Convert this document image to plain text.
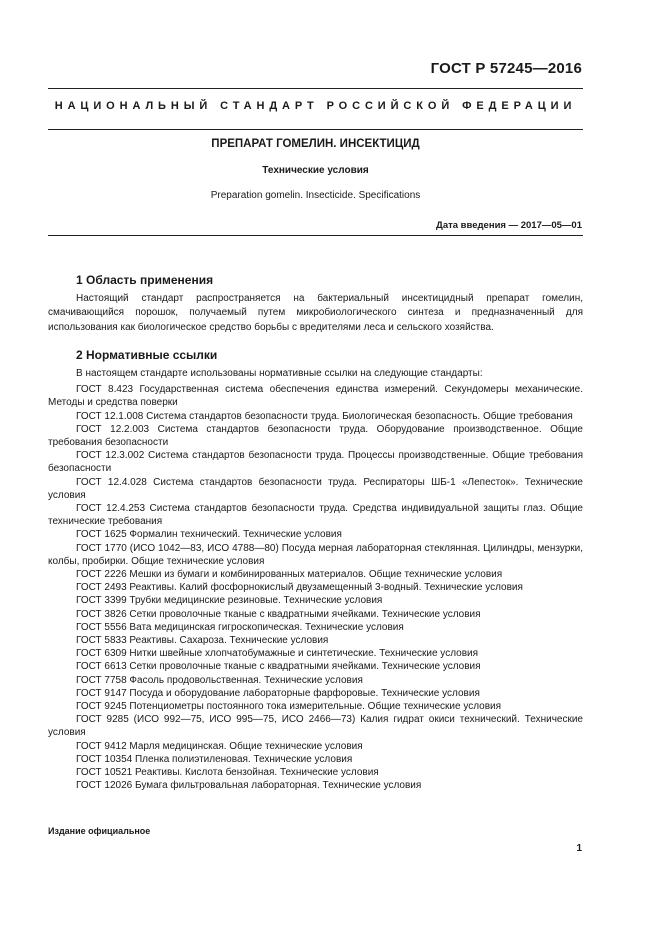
ГОСТ Р 57245—2016
НАЦИОНАЛЬНЫЙ СТАНДАРТ РОССИЙСКОЙ ФЕДЕРАЦИИ
ПРЕПАРАТ ГОМЕЛИН. ИНСЕКТИЦИД
Технические условия
Preparation gomelin. Insecticide. Specifications
Дата введения — 2017—05—01
1 Область применения

Настоящий стандарт распространяется на бактериальный инсектицидный препарат гомелин, смачивающийся порошок, получаемый путем микробиологического синтеза и предназначенный для использования как биологическое средство борьбы с вредителями леса и сельского хозяйства.

2 Нормативные ссылки

В настоящем стандарте использованы нормативные ссылки на следующие стандарты:

ГОСТ 8.423 Государственная система обеспечения единства измерений. Секундомеры механические. Методы и средства поверки
ГОСТ 12.1.008 Система стандартов безопасности труда. Биологическая безопасность. Общие требования
ГОСТ 12.2.003 Система стандартов безопасности труда. Оборудование производственное. Общие требования безопасности
ГОСТ 12.3.002 Система стандартов безопасности труда. Процессы производственные. Общие требования безопасности
ГОСТ 12.4.028 Система стандартов безопасности труда. Респираторы ШБ-1 «Лепесток». Технические условия
ГОСТ 12.4.253 Система стандартов безопасности труда. Средства индивидуальной защиты глаз. Общие технические требования
ГОСТ 1625 Формалин технический. Технические условия
ГОСТ 1770 (ИСО 1042—83, ИСО 4788—80) Посуда мерная лабораторная стеклянная. Цилиндры, мензурки, колбы, пробирки. Общие технические условия
ГОСТ 2226 Мешки из бумаги и комбинированных материалов. Общие технические условия
ГОСТ 2493 Реактивы. Калий фосфорнокислый двузамещенный 3-водный. Технические условия
ГОСТ 3399 Трубки медицинские резиновые. Технические условия
ГОСТ 3826 Сетки проволочные тканые с квадратными ячейками. Технические условия
ГОСТ 5556 Вата медицинская гигроскопическая. Технические условия
ГОСТ 5833 Реактивы. Сахароза. Технические условия
ГОСТ 6309 Нитки швейные хлопчатобумажные и синтетические. Технические условия
ГОСТ 6613 Сетки проволочные тканые с квадратными ячейками. Технические условия
ГОСТ 7758 Фасоль продовольственная. Технические условия
ГОСТ 9147 Посуда и оборудование лабораторные фарфоровые. Технические условия
ГОСТ 9245 Потенциометры постоянного тока измерительные. Общие технические условия
ГОСТ 9285 (ИСО 992—75, ИСО 995—75, ИСО 2466—73) Калия гидрат окиси технический. Технические условия
ГОСТ 9412 Марля медицинская. Общие технические условия
ГОСТ 10354 Пленка полиэтиленовая. Технические условия
ГОСТ 10521 Реактивы. Кислота бензойная. Технические условия
ГОСТ 12026 Бумага фильтровальная лабораторная. Технические условия
Издание официальное
1
